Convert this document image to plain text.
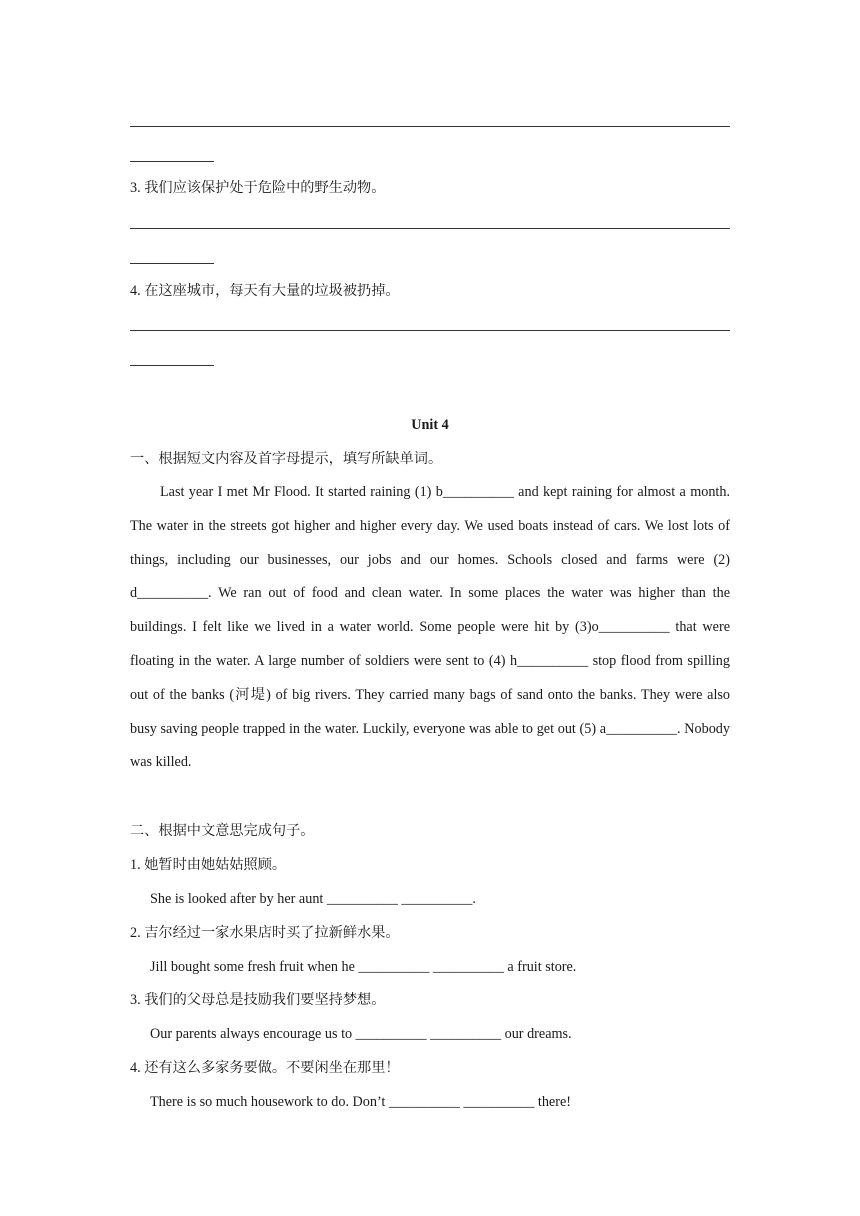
3. 我们应该保护处于危险中的野生动物。
4. 在这座城市，每天有大量的垃圾被扔掉。
Unit 4
一、根据短文内容及首字母提示，填写所缺单词。
Last year I met Mr Flood. It started raining (1) b__________ and kept raining for almost a month. The water in the streets got higher and higher every day. We used boats instead of cars. We lost lots of things, including our businesses, our jobs and our homes. Schools closed and farms were (2) d__________. We ran out of food and clean water. In some places the water was higher than the buildings. I felt like we lived in a water world. Some people were hit by (3)o__________ that were floating in the water. A large number of soldiers were sent to (4) h__________ stop flood from spilling out of the banks (河堤) of big rivers. They carried many bags of sand onto the banks. They were also busy saving people trapped in the water. Luckily, everyone was able to get out (5) a__________. Nobody was killed.
二、根据中文意思完成句子。
1. 她暂时由她姑姑照顾。
She is looked after by her aunt __________ __________.
2. 吉尔经过一家水果店时买了拉新鲜水果。
Jill bought some fresh fruit when he __________ __________ a fruit store.
3. 我们的父母总是技励我们要坚持梦想。
Our parents always encourage us to __________ __________ our dreams.
4. 还有这么多家务要做。不要闲坐在那里！
There is so much housework to do. Don’t __________ __________ there!
